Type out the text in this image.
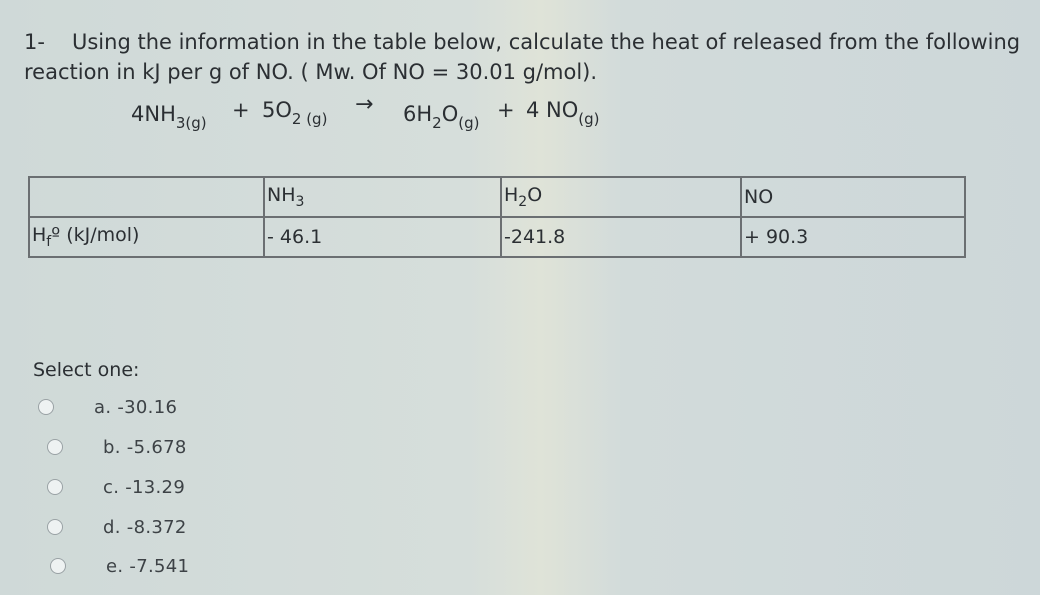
1- Using the information in the table below, calculate the heat of released from the following
reaction in kJ per g of NO. ( Mw. Of NO = 30.01 g/mol).
$4NH_{3(g)}$
+ $5O_{2 (g)}$
→ $6H_2O_{(g)}$
+ 4 $NO_{(g)}$
	$NH_3$	$H_2O$	NO
$H_fº$ (kJ/mol)	- 46.1	-241.8	+ 90.3
Select one:
a. -30.16
b. -5.678
c. -13.29
d. -8.372
e. -7.541
